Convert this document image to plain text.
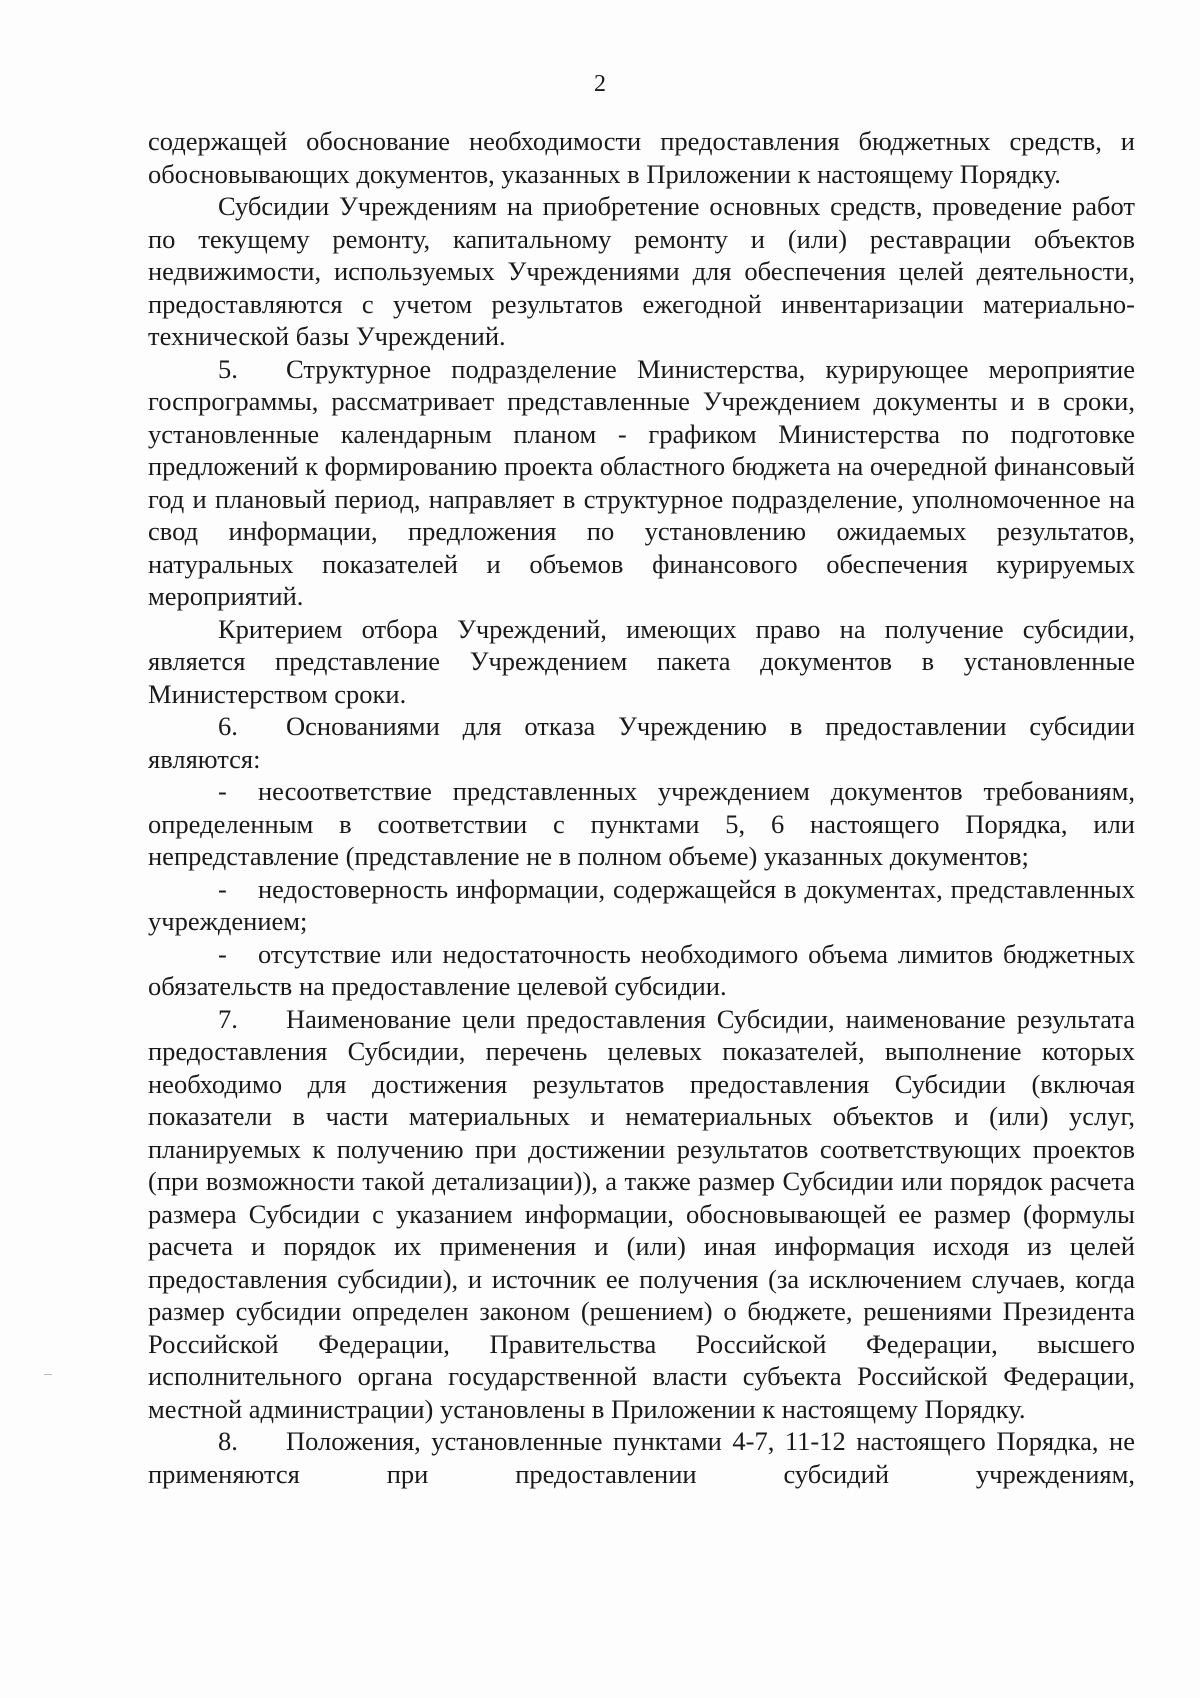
2

содержащей обоснование необходимости предоставления бюджетных средств, и обосновывающих документов, указанных в Приложении к настоящему Порядку.

Субсидии Учреждениям на приобретение основных средств, проведение работ по текущему ремонту, капитальному ремонту и (или) реставрации объектов недвижимости, используемых Учреждениями для обеспечения целей деятельности, предоставляются с учетом результатов ежегодной инвентаризации материально-технической базы Учреждений.

5. Структурное подразделение Министерства, курирующее мероприятие госпрограммы, рассматривает представленные Учреждением документы и в сроки, установленные календарным планом - графиком Министерства по подготовке предложений к формированию проекта областного бюджета на очередной финансовый год и плановый период, направляет в структурное подразделение, уполномоченное на свод информации, предложения по установлению ожидаемых результатов, натуральных показателей и объемов финансового обеспечения курируемых мероприятий.

Критерием отбора Учреждений, имеющих право на получение субсидии, является представление Учреждением пакета документов в установленные Министерством сроки.

6. Основаниями для отказа Учреждению в предоставлении субсидии являются:

- несоответствие представленных учреждением документов требованиям, определенным в соответствии с пунктами 5, 6 настоящего Порядка, или непредставление (представление не в полном объеме) указанных документов;

- недостоверность информации, содержащейся в документах, представленных учреждением;

- отсутствие или недостаточность необходимого объема лимитов бюджетных обязательств на предоставление целевой субсидии.

7. Наименование цели предоставления Субсидии, наименование результата предоставления Субсидии, перечень целевых показателей, выполнение которых необходимо для достижения результатов предоставления Субсидии (включая показатели в части материальных и нематериальных объектов и (или) услуг, планируемых к получению при достижении результатов соответствующих проектов (при возможности такой детализации)), а также размер Субсидии или порядок расчета размера Субсидии с указанием информации, обосновывающей ее размер (формулы расчета и порядок их применения и (или) иная информация исходя из целей предоставления субсидии), и источник ее получения (за исключением случаев, когда размер субсидии определен законом (решением) о бюджете, решениями Президента Российской Федерации, Правительства Российской Федерации, высшего исполнительного органа государственной власти субъекта Российской Федерации, местной администрации) установлены в Приложении к настоящему Порядку.

8. Положения, установленные пунктами 4-7, 11-12 настоящего Порядка, не применяются при предоставлении субсидий учреждениям,
